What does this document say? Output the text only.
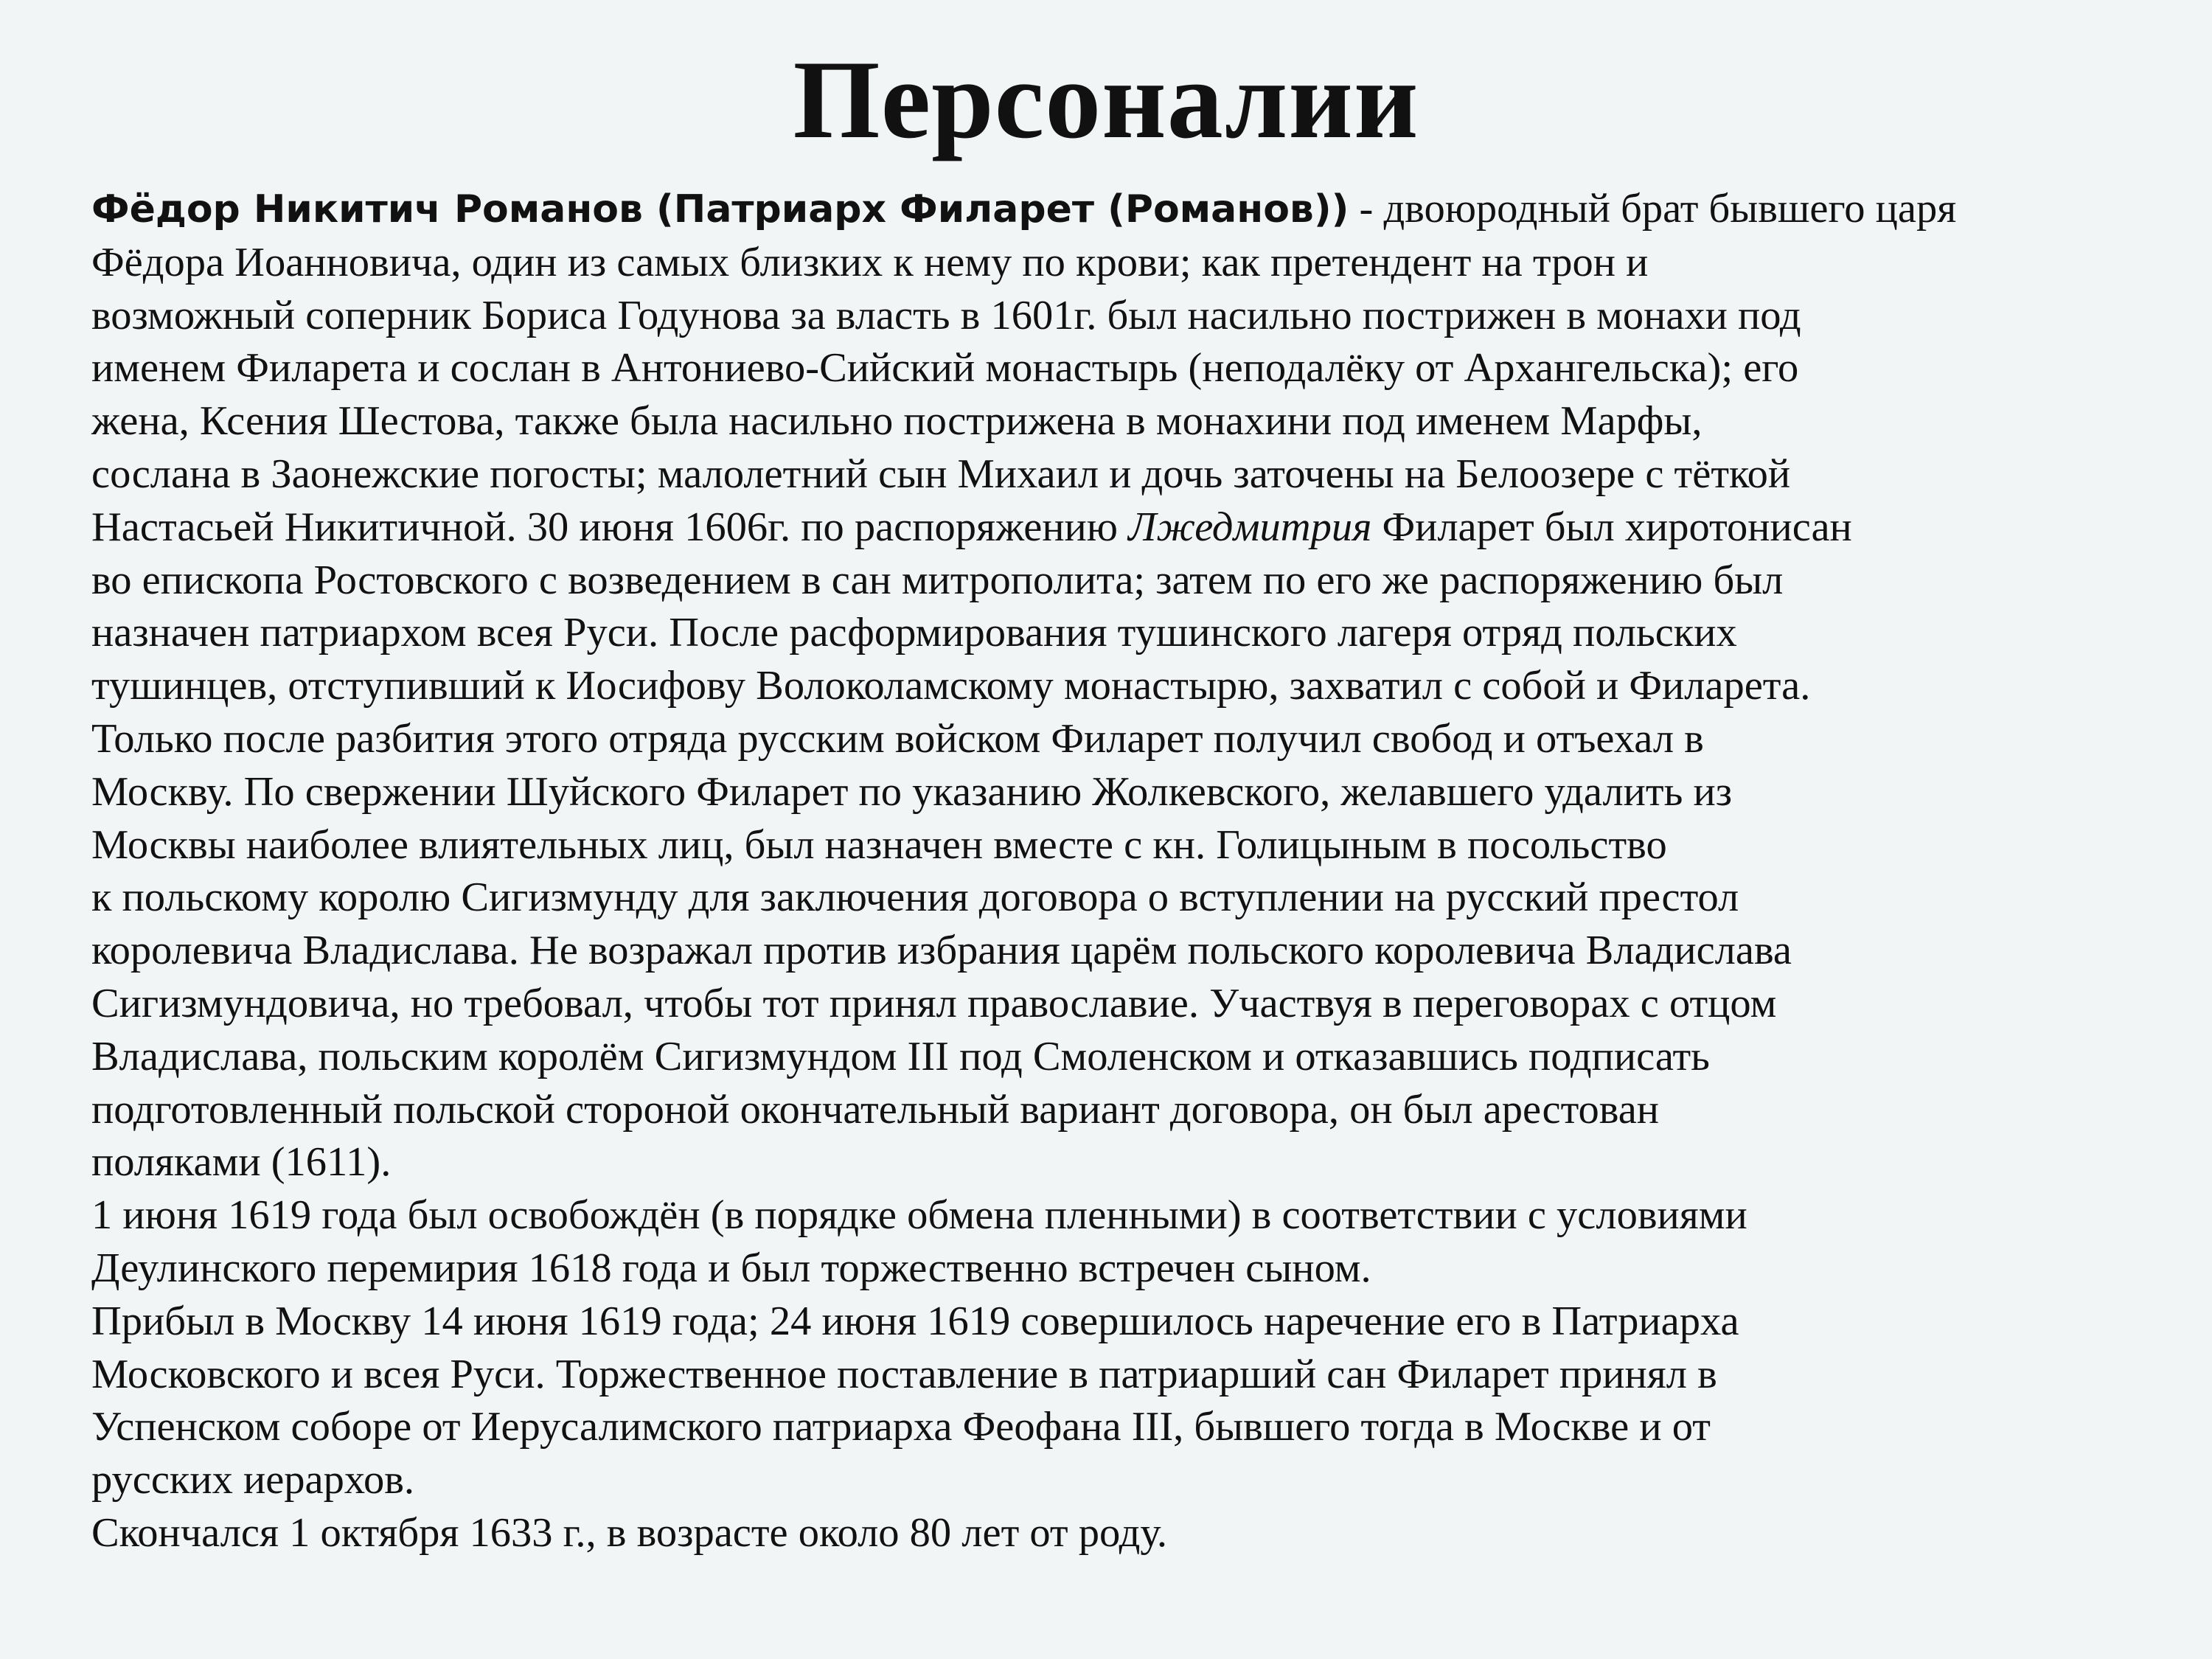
Персоналии
Фёдор Никитич Романов (Патриарх Филарет (Романов)) - двоюродный брат бывшего царя
Фёдора Иоанновича, один из самых близких к нему по крови; как претендент на трон и
возможный соперник Бориса Годунова за власть в 1601г. был насильно пострижен в монахи под
именем Филарета и сослан в Антониево-Сийский монастырь (неподалёку от Архангельска); его
жена, Ксения Шестова, также была насильно пострижена в монахини под именем Марфы,
сослана в Заонежские погосты; малолетний сын Михаил и дочь заточены на Белоозере с тёткой
Настасьей Никитичной. 30 июня 1606г. по распоряжению Лжедмитрия Филарет был хиротонисан
во епископа Ростовского с возведением в сан митрополита; затем по его же распоряжению был
назначен патриархом всея Руси. После расформирования тушинского лагеря отряд польских
тушинцев, отступивший к Иосифову Волоколамскому монастырю, захватил с собой и Филарета.
Только после разбития этого отряда русским войском Филарет получил свобод и отъехал в
Москву. По свержении Шуйского Филарет по указанию Жолкевского, желавшего удалить из
Москвы наиболее влиятельных лиц, был назначен вместе с кн. Голицыным в посольство
к польскому королю Сигизмунду для заключения договора о вступлении на русский престол
королевича Владислава. Не возражал против избрания царём польского королевича Владислава
Сигизмундовича, но требовал, чтобы тот принял православие. Участвуя в переговорах с отцом
Владислава, польским королём Сигизмундом III под Смоленском и отказавшись подписать
подготовленный польской стороной окончательный вариант договора, он был арестован
поляками (1611).
1 июня 1619 года был освобождён (в порядке обмена пленными) в соответствии с условиями
Деулинского перемирия 1618 года и был торжественно встречен сыном.
Прибыл в Москву 14 июня 1619 года; 24 июня 1619 совершилось наречение его в Патриарха
Московского и всея Руси. Торжественное поставление в патриарший сан Филарет принял в
Успенском соборе от Иерусалимского патриарха Феофана III, бывшего тогда в Москве и от
русских иерархов.
Скончался 1 октября 1633 г., в возрасте около 80 лет от роду.
